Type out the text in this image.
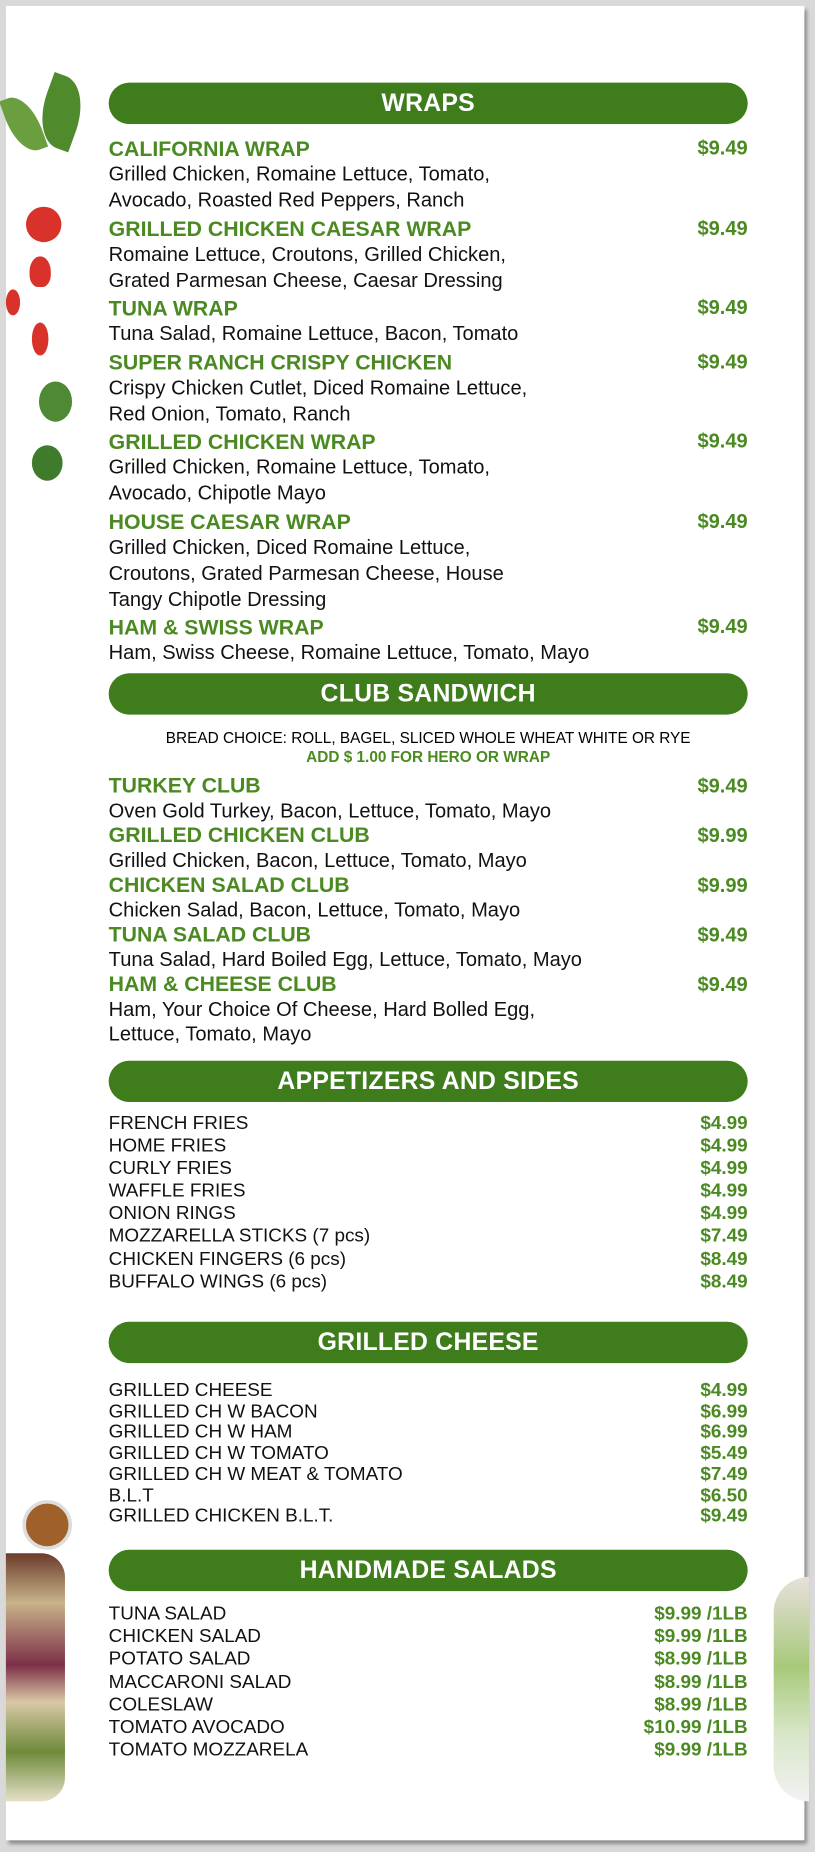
WRAPS
CALIFORNIA WRAP	$9.49
Grilled Chicken, Romaine Lettuce, Tomato,
Avocado, Roasted Red Peppers, Ranch
GRILLED CHICKEN CAESAR WRAP	$9.49
Romaine Lettuce, Croutons, Grilled Chicken,
Grated Parmesan Cheese, Caesar Dressing
TUNA WRAP	$9.49
Tuna Salad, Romaine Lettuce, Bacon, Tomato
SUPER RANCH CRISPY CHICKEN	$9.49
Crispy Chicken Cutlet, Diced Romaine Lettuce,
Red Onion, Tomato, Ranch
GRILLED CHICKEN WRAP	$9.49
Grilled Chicken, Romaine Lettuce, Tomato,
Avocado, Chipotle Mayo
HOUSE CAESAR WRAP	$9.49
Grilled Chicken, Diced Romaine Lettuce,
Croutons, Grated Parmesan Cheese, House
Tangy Chipotle Dressing
HAM & SWISS WRAP	$9.49
Ham, Swiss Cheese, Romaine Lettuce, Tomato, Mayo
CLUB SANDWICH
BREAD CHOICE: ROLL, BAGEL, SLICED WHOLE WHEAT WHITE OR RYE
ADD $ 1.00 FOR HERO OR WRAP
TURKEY CLUB	$9.49
Oven Gold Turkey, Bacon, Lettuce, Tomato, Mayo
GRILLED CHICKEN CLUB	$9.99
Grilled Chicken, Bacon, Lettuce, Tomato, Mayo
CHICKEN SALAD CLUB	$9.99
Chicken Salad, Bacon, Lettuce, Tomato, Mayo
TUNA SALAD CLUB	$9.49
Tuna Salad, Hard Boiled Egg, Lettuce, Tomato, Mayo
HAM & CHEESE CLUB	$9.49
Ham, Your Choice Of Cheese, Hard Bolled Egg,
Lettuce, Tomato, Mayo
APPETIZERS AND SIDES
FRENCH FRIES	$4.99
HOME FRIES	$4.99
CURLY FRIES	$4.99
WAFFLE FRIES	$4.99
ONION RINGS	$4.99
MOZZARELLA STICKS (7 pcs)	$7.49
CHICKEN FINGERS (6 pcs)	$8.49
BUFFALO WINGS (6 pcs)	$8.49
GRILLED CHEESE
GRILLED CHEESE	$4.99
GRILLED CH W BACON	$6.99
GRILLED CH W HAM	$6.99
GRILLED CH W TOMATO	$5.49
GRILLED CH W MEAT & TOMATO	$7.49
B.L.T	$6.50
GRILLED CHICKEN B.L.T.	$9.49
HANDMADE SALADS
TUNA SALAD	$9.99 /1LB
CHICKEN SALAD	$9.99 /1LB
POTATO SALAD	$8.99 /1LB
MACCARONI SALAD	$8.99 /1LB
COLESLAW	$8.99 /1LB
TOMATO AVOCADO	$10.99 /1LB
TOMATO MOZZARELA	$9.99 /1LB
